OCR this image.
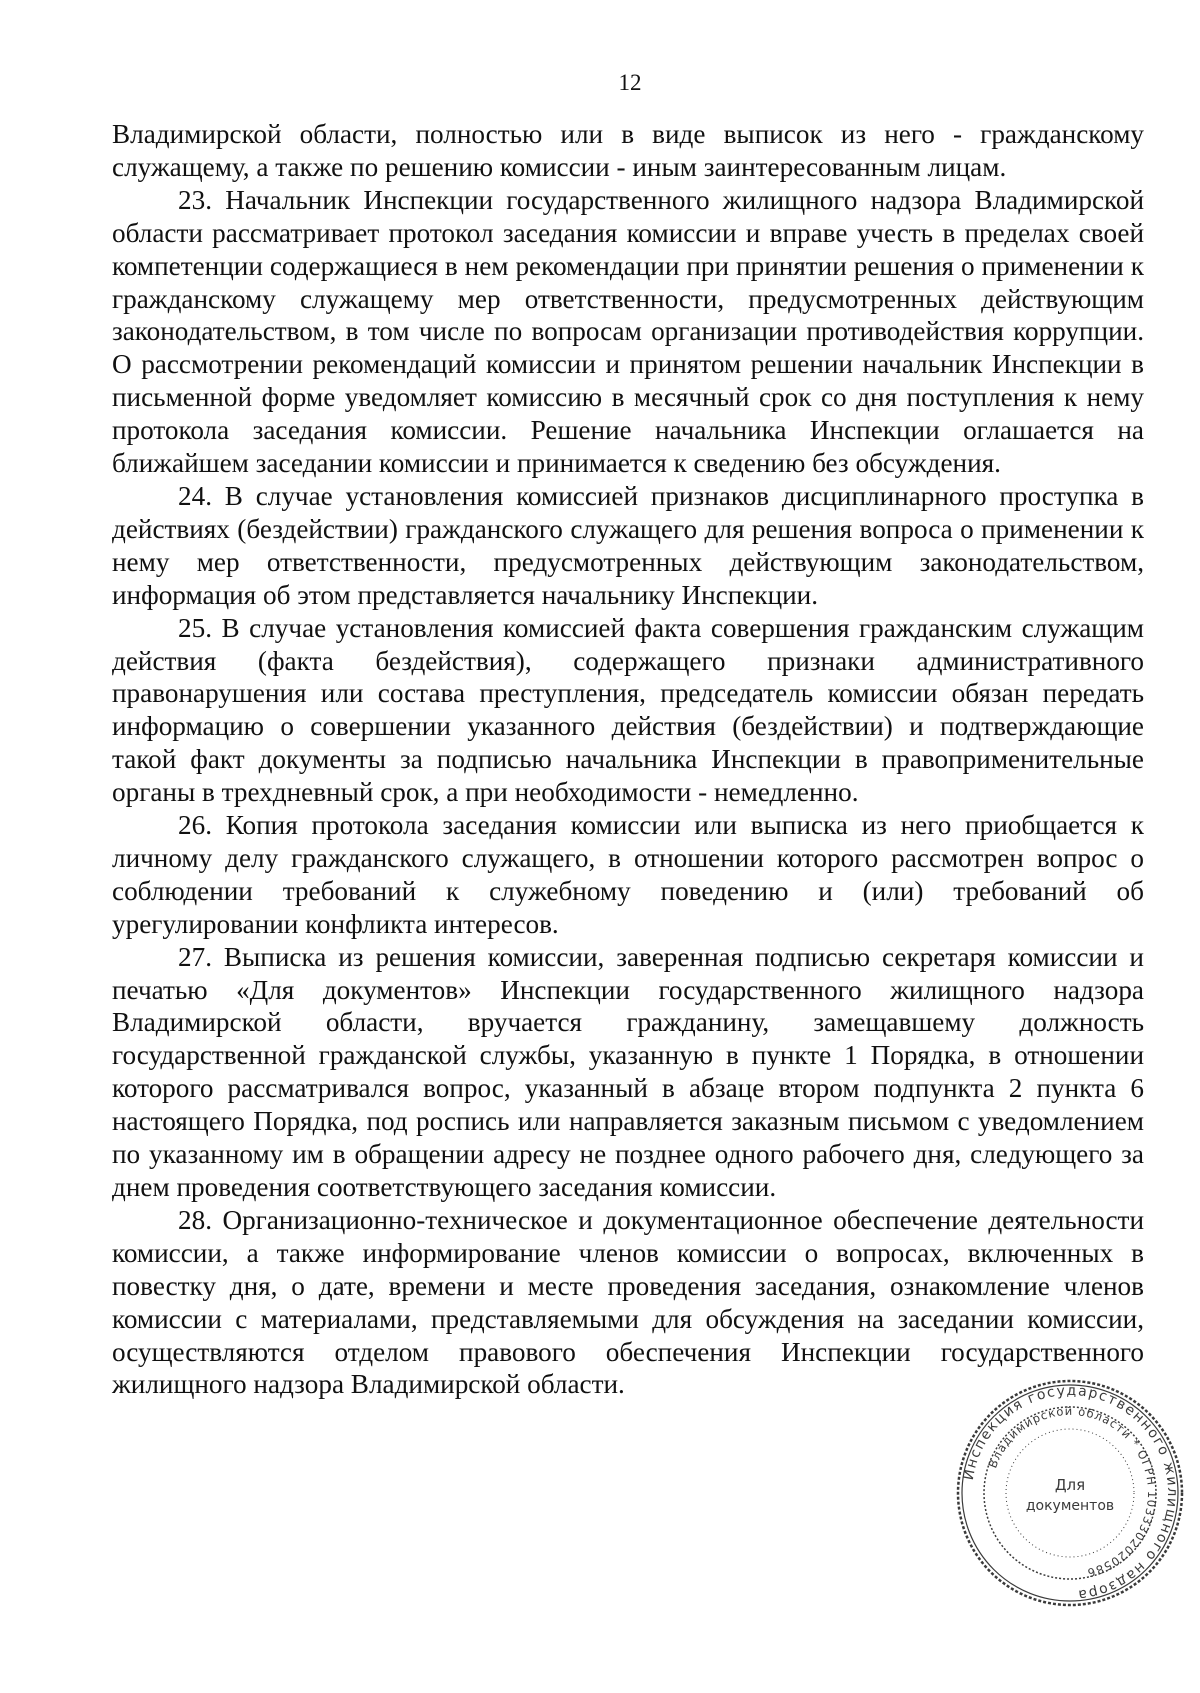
12

Владимирской области, полностью или в виде выписок из него - гражданскому служащему, а также по решению комиссии - иным заинтересованным лицам.

23. Начальник Инспекции государственного жилищного надзора Владимирской области рассматривает протокол заседания комиссии и вправе учесть в пределах своей компетенции содержащиеся в нем рекомендации при принятии решения о применении к гражданскому служащему мер ответственности, предусмотренных действующим законодательством, в том числе по вопросам организации противодействия коррупции. О рассмотрении рекомендаций комиссии и принятом решении начальник Инспекции в письменной форме уведомляет комиссию в месячный срок со дня поступления к нему протокола заседания комиссии. Решение начальника Инспекции оглашается на ближайшем заседании комиссии и принимается к сведению без обсуждения.

24. В случае установления комиссией признаков дисциплинарного проступка в действиях (бездействии) гражданского служащего для решения вопроса о применении к нему мер ответственности, предусмотренных действующим законодательством, информация об этом представляется начальнику Инспекции.

25. В случае установления комиссией факта совершения гражданским служащим действия (факта бездействия), содержащего признаки административного правонарушения или состава преступления, председатель комиссии обязан передать информацию о совершении указанного действия (бездействии) и подтверждающие такой факт документы за подписью начальника Инспекции в правоприменительные органы в трехдневный срок, а при необходимости - немедленно.

26. Копия протокола заседания комиссии или выписка из него приобщается к личному делу гражданского служащего, в отношении которого рассмотрен вопрос о соблюдении требований к служебному поведению и (или) требований об урегулировании конфликта интересов.

27. Выписка из решения комиссии, заверенная подписью секретаря комиссии и печатью «Для документов» Инспекции государственного жилищного надзора Владимирской области, вручается гражданину, замещавшему должность государственной гражданской службы, указанную в пункте 1 Порядка, в отношении которого рассматривался вопрос, указанный в абзаце втором подпункта 2 пункта 6 настоящего Порядка, под роспись или направляется заказным письмом с уведомлением по указанному им в обращении адресу не позднее одного рабочего дня, следующего за днем проведения соответствующего заседания комиссии.

28. Организационно-техническое и документационное обеспечение деятельности комиссии, а также информирование членов комиссии о вопросах, включенных в повестку дня, о дате, времени и месте проведения заседания, ознакомление членов комиссии с материалами, представляемыми для обсуждения на заседании комиссии, осуществляются отделом правового обеспечения Инспекции государственного жилищного надзора Владимирской области.

Инспекция государственного жилищного надзора
Владимирской области * ОГРН 1033302020586
Для
документов
